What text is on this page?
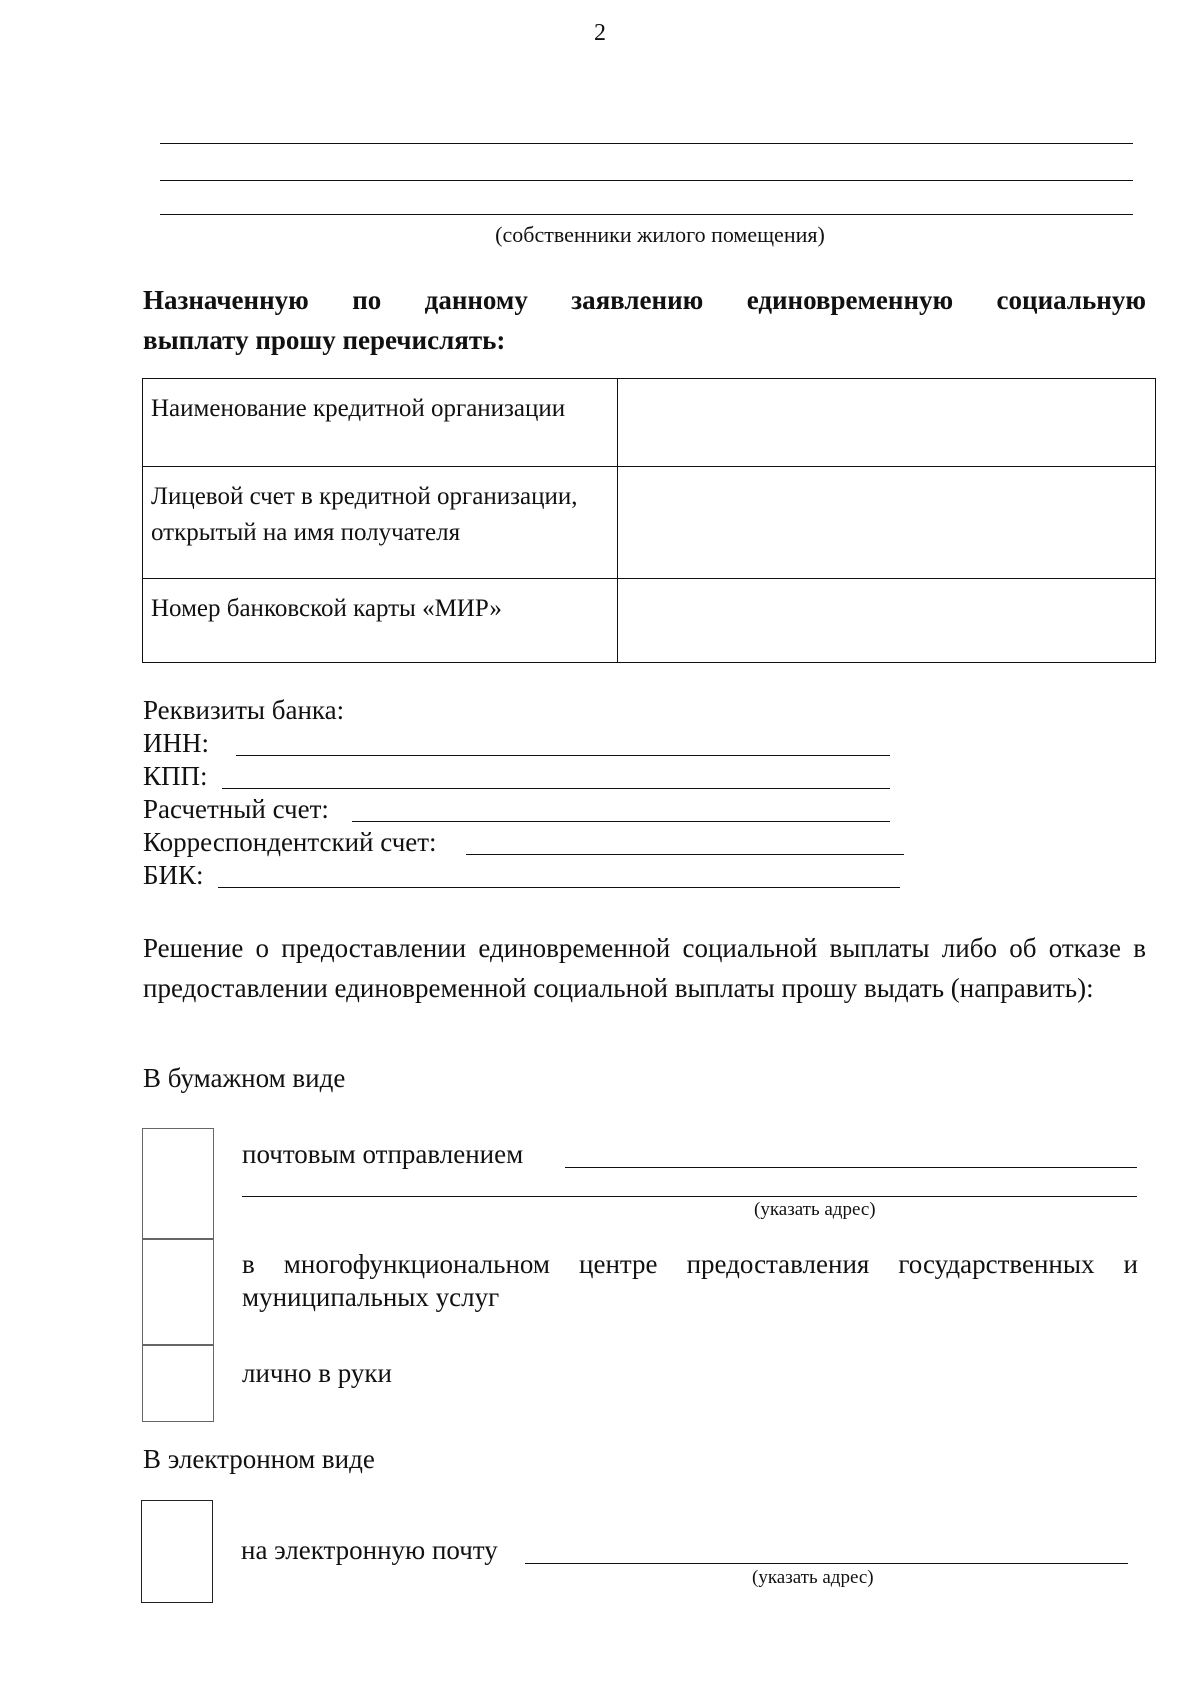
2
(собственники жилого помещения)
Назначенную по данному заявлению единовременную социальную
выплату прошу перечислять:
Наименование кредитной организации	
Лицевой счет в кредитной организации, открытый на имя получателя	
Номер банковской карты «МИР»	
Реквизиты банка:
ИНН:
КПП:
Расчетный счет:
Корреспондентский счет:
БИК:
Решение о предоставлении единовременной социальной выплаты либо об отказе в предоставлении единовременной социальной выплаты прошу выдать (направить):
В бумажном виде
почтовым отправлением
(указать адрес)
в многофункциональном центре предоставления государственных и муниципальных услуг
лично в руки
В электронном виде
на электронную почту
(указать адрес)
